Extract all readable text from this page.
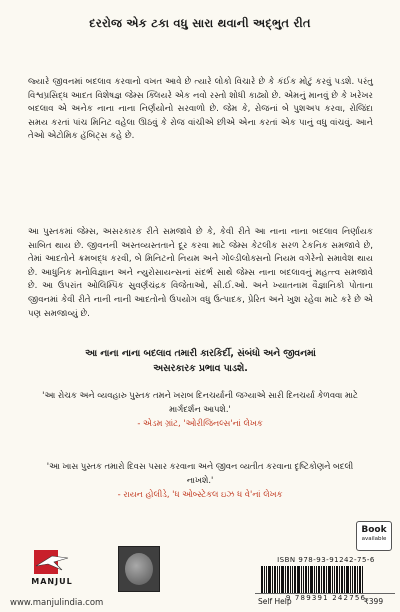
દરરોજ એક ટકા વધુ સારા થવાની અદ્ભુત રીત
જ્યારે જીવનમાં બદલાવ કરવાનો વખત આવે છે ત્યારે લોકો વિચારે છે કે કંઈક મોટું કરવું પડશે. પરંતુ વિશ્વપ્રસિદ્ધ આદત વિશેષજ્ઞ જેમ્સ ક્લિયરે એક નવો રસ્તો શોધી કાઢ્યો છે. એમનું માનવું છે કે ખરેખર બદલાવ એ અનેક નાના નાના નિર્ણયોનો સરવાળો છે. જેમ કે, રોજનાં બે પુશઅપ કરવા, રોજિંદા સમય કરતાં પાંચ મિનિટ વહેલા ઊઠવું કે રોજ વાંચીએ છીએ એના કરતાં એક પાનું વધુ વાંચવું. આને તેઓ એટોમિક હૅબિટ્સ કહે છે.
આ પુસ્તકમાં જેમ્સ, અસરકારક રીતે સમજાવે છે કે, કેવી રીતે આ નાના નાના બદલાવ નિર્ણાયક સાબિત થાય છે. જીવનની અસ્તવ્યસ્તતાને દૂર કરવા માટે જેમ્સ કેટલીક સરળ ટેકનિક સમજાવે છે, તેમાં આદતોને ક્રમબદ્ધ કરવી, બે મિનિટનો નિયમ અને ગોલ્ડીલોક્સનો નિયમ વગેરેનો સમાવેશ થાય છે. આધુનિક મનોવિજ્ઞાન અને ન્યુરોસાયન્સનાં સંદર્ભ સાથે જેમ્સ નાના બદલાવનું મહત્ત્વ સમજાવે છે. આ ઉપરાંત ઓલિમ્પિક સુવર્ણચંદ્રક વિજેતાઓ, સી.ઈ.ઓ. અને ખ્યાતનામ વૈજ્ઞાનિકો પોતાના જીવનમાં કેવી રીતે નાની નાની આદતોનો ઉપયોગ વધુ ઉત્પાદક, પ્રેરિત અને ખુશ રહેવા માટે કરે છે એ પણ સમજાવ્યું છે.
આ નાના નાના બદલાવ તમારી કારકિર્દી, સંબંધો અને જીવનમાં
અસરકારક પ્રભાવ પાડશે.
'આ રોચક અને વ્યવહારુ પુસ્તક તમને ખરાબ દિનચર્યાની જગ્યાએ સારી દિનચર્યા કેળવવા માટે માર્ગદર્શન આપશે.'
- એડમ ગ્રાંટ, 'ઓરીજિનલ્સ'નાં લેખક
'આ ખાસ પુસ્તક તમારો દિવસ પસાર કરવાના અને જીવન વ્યતીત કરવાના દૃષ્ટિકોણને બદલી નાખશે.'
- રાયન હોલીડે, 'ધ ઓબ્સ્ટેકલ ઇઝ ધ વે'નાં લેખક
Book
available
MANJUL
www.manjulindia.com
ISBN 978-93-91242-75-6
9 789391 242756
Self Help	₹399
